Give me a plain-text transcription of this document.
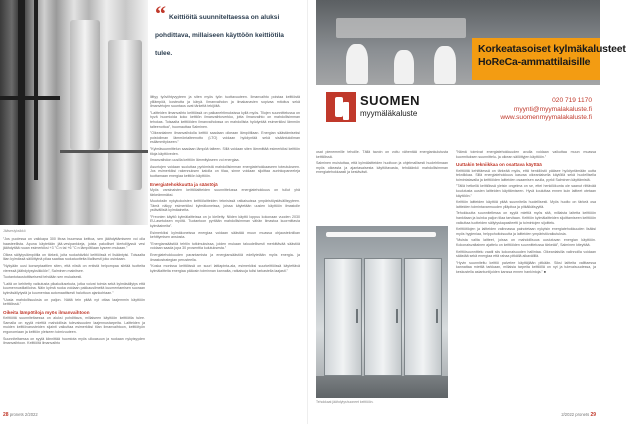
Jäävesiyksikkö
“ Keittiöitä suunniteltaessa on aluksi pohdittava, millaiseen käyttöön keittiötila tulee.

”Jos puolessa on vaikkapa 300 litraa buumssa keittoa, sen jäähdyttämiseen voi olla haasteellista. Apuna käytetään jää-vesipankkeja, joista pakolliset kiertoliijyssä vesi jäähdyttää ruuan esimerkiksi +3 °C:n tai +6 °C:n lämpötilaan kyseen mukaan.”

Olkea säilytyslämpötila on tärkeä, joita ruokahävikki keittiöissä ei lisääntyisi. Toisaalta liian kylmässä säilöttyinä pilaa saattaa ruokatuotteita liiallisesti joko osinkaan.

”Nykyään uusi konseptaattien siten, että niistä on entistä helpompaa siirtää tuotteita vieressä jäähdytysyksikköön”, Salminen mainitsee.

Tuotantotaustoittiseisesti tehdään sen mukaisesti.

”Laitä on kehitetty vaikutusta pikakuilusekuta, jotka voivat toimia sekä kylmäsäilytys että kuumennustilatiloina. Näin kylmä ruoka voidaan pakkausilmeitä kuumentamisen suoraan kylmäsäilytystä ja kuumentaa automaattisesti haluttuun ajankohtaan.”

”Uusia mahdollisuuksia on paljon. Näitä tein pitää nyt ottaa laajemmin käyttöön keittiöissä.”

Oikeita lämpötiloja myös ilmanvaihtoon

Keittiöitä suunniteltaessa on aluksi pohdittava, millaiseen käyttöön keittiötila tulee. Samalla on syytä miettiä mahdollisia tulevaisuuden laajennustarpeita. Laitteiden ja muiden keittiövarusteiden sijainti vaikuttaa esimerkiksi tilan ilmanvaihtoon, keittiötyön ergonomiaan ja keittiön yleiseen toimivuuteen.

Suunniteltaessa on syytä kiinnittää huomiota myös ulkoasuun ja ruokaan nykyisyyden ilmanvaihtoon. Keittiöitä ilmanvaihto

liittyy työviihtyvyyteen ja siten myös työn tuottavuuteen. Ilmanvaihto poistaa keittiöstä ylilämpöä, kosteutta ja käryä. Ilmanvaihdon ja ilmakanavien sopivaa mitoitus sekä ilmanvirtojen suuntaus ovat tärkeitä tekijöitä.

”Laitteiden ilmanvaihto keittiössä on paikanehtimuksissa kyllä myös. Tilojen suunnittelussa on hyvä huomioida koko keittiön ilmanvaihtoverkko, jotta ilmanvaihto on mahdollisimman tehokas. Toisaalta keittiöiden ilmanvaihdossa on mahdollista hyödyntää esimerkiksi lämmön talteenottoa”, huomauttaa Salminen.

”Oikeanlainen ilmanvaihdolla keittiö saadaan oikeaan lämpötilaan. Energian säästämiseksi poistoilman lämmöntalteenotto (LTO) voidaan hyödyntää sekä sisääntuloilman esilämmitykseen.”

”Kylmäsuunnittelun saadaan lämpöä talteen. Sillä voidaan siten lämmittää esimerkiksi keittiön tiloja käyttöveden.

Ilmanvaihdon uusilla keittiön lämmitykseen voi energiaa.

Asuntojen voidaan suoluttaa pyrkimistä mahdollisimman energiatehokkaaseen toteutukseen. Jos esimerkiksi rakennuksen katolla on tilaa, sinne voidaan sijoittaa aurinkopaneeleja tuottamaan energiaa keittiön käyttöön.

Energiatehokkuutta ja säästöjä

Myös varsinaisten keittiölaitteiden suunnittelussa energiatehokkuus on tullut yhä tärkeämmäksi.

Muutoksiin nykykokoisten keittiölaitteiden teknisissä ratkaisuissa ympäristöystävällisyyteen. Tämä näkyy esimerkiksi kylmäkoneissa, joissa käytetään uusien käyttöön ilmastolle ystävällisiä kylmäaineita.

”Freonien käyttö kylmälaitteissa on jo kielletty. Niiden käyttö loppuu kokonaan vuoden 2030 EU-asetuksen myötä. Tuotantoon pyritään mahdollisimman vähän ilmastoa kuormittavia kylmäaineita”.

Esimerkiksi kylmäkoneissa energiaa voidaan säästää muun muassa ohjaustekniikan kehittymisen ansiosta.

”Energiansäästöä tehtiin tutkimuksissa, joiden mukaan taloudellisesti merkittävää säästöä voidaan saada jopa 30 prosenttia kulutuksesta.”

Energiatehokkuuden parantamista ja energiansäästöä edellytetään myös energia- ja ilmastostrategian perusteella.

”Koska monissa keittiöissä on suuri lattiapinta-ala, esimerkiksi suurkeittiöissä käytettävä kylmälaitteita energiaa pääosin toiminnan kannalta, ratkaisuja tulisi tarkastella laajasti.”

28 pronets 2/2022
Korkeatasoiset kylmäkalusteet
HoReCa-ammattilaisille
SUOMEN
myymäläkaluste
020 719 1170
myynti@myymalakaluste.fi
www.suomenmyymalakaluste.fi

osat pienemmille tehoille. Tällä tavoin on voitu vähentää energiankulutusta keittiöissä.

Salminen muistuttaa, että kylmälaitteiden huoltoon ja ohjelmallisesti huolehtimaan myös oikeasta ja ajantasaisesta käyttötavasta, tehdäänkö mahdollisimman energiatehokkaasti ja kestävästi.

Tehokkaat jäähdytyshuoneet keittiöön.

”Nämä toimivat energiatehokkuuden avulla voidaan vaikuttaa muun muassa kuormituksen suunnittelu- ja oikean säilöttyjen käyttöön.”

Uuttakin tekniikkaa on osattava käyttää

Keittiöitä kehittäessä on tärkeää myös, että henkilöstö pääsee hyödyntämään uutta tekniikkaa. Sillä energiatehokkuus kasvaa oikeanlaisella käytöllä sekä huolellisella toimintatavalla ja keittiöiden laitteiden osaamisen avulla, pyrkii Salminen käyttämistä.

”Tällä hetkellä keittiöissä yleisin ongelma on se, ettei henkilökunta ole saanut riittävää koulutusta uusien laitteiden käyttämiseen. Hyvä kouluttaa ennen kuin laitteet otetaan käyttöön.”

Keittiön laitteiden käyttöä pitää suunnitella huolellisesti. Myös huolto on tärkeä osa laitteiden toimintavarmuuden ylläpitoa ja pitkäikäisyyttä.

Tehokkuutta suunnitellessa on syytä miettiä myös sitä, millaista laitetta keittiöön hankitaan ja kuinka paljon tilaa tarvitaan. Keittiön kylmälaitteiden sijoittamiseen keittiöön vaikuttaa tuotteiden säilytyskapasiteetti ja toimintojen sijoittelu.

Keittiötilojen ja laitteiden valinnassa painotetaan nykyisin energiatehokkuuden lisäksi myös hygieniaa, helppohoitoisuutta ja laitteiden ympäristövaikutuksia.

”Muista valita laitteet, joissa on mahdollisuus uusiutuvan energian käyttöön. Kokonaisvaltainen ajattelu on keittiöiden suunnittelussa tärkeää”, Salminen kiteyttää.

Keittiösuunnittelu vaatii siis kokonaisuuden hallintaa. Oikeanlaisilla valinnoilla voidaan säästää sekä energiaa että rahaa pitkällä aikavälillä.

”Hyvin suunniteltu keittiö palvelee käyttäjiään pitkään. Siksi laitteita valittaessa kannattaa miettiä tarkkaan, millaisia tarpeita keittiöllä on nyt ja tulevaisuudessa, ja keskustella asiantuntijoiden kanssa ennen hankintoja.” ■

2/2022 pronets 29
